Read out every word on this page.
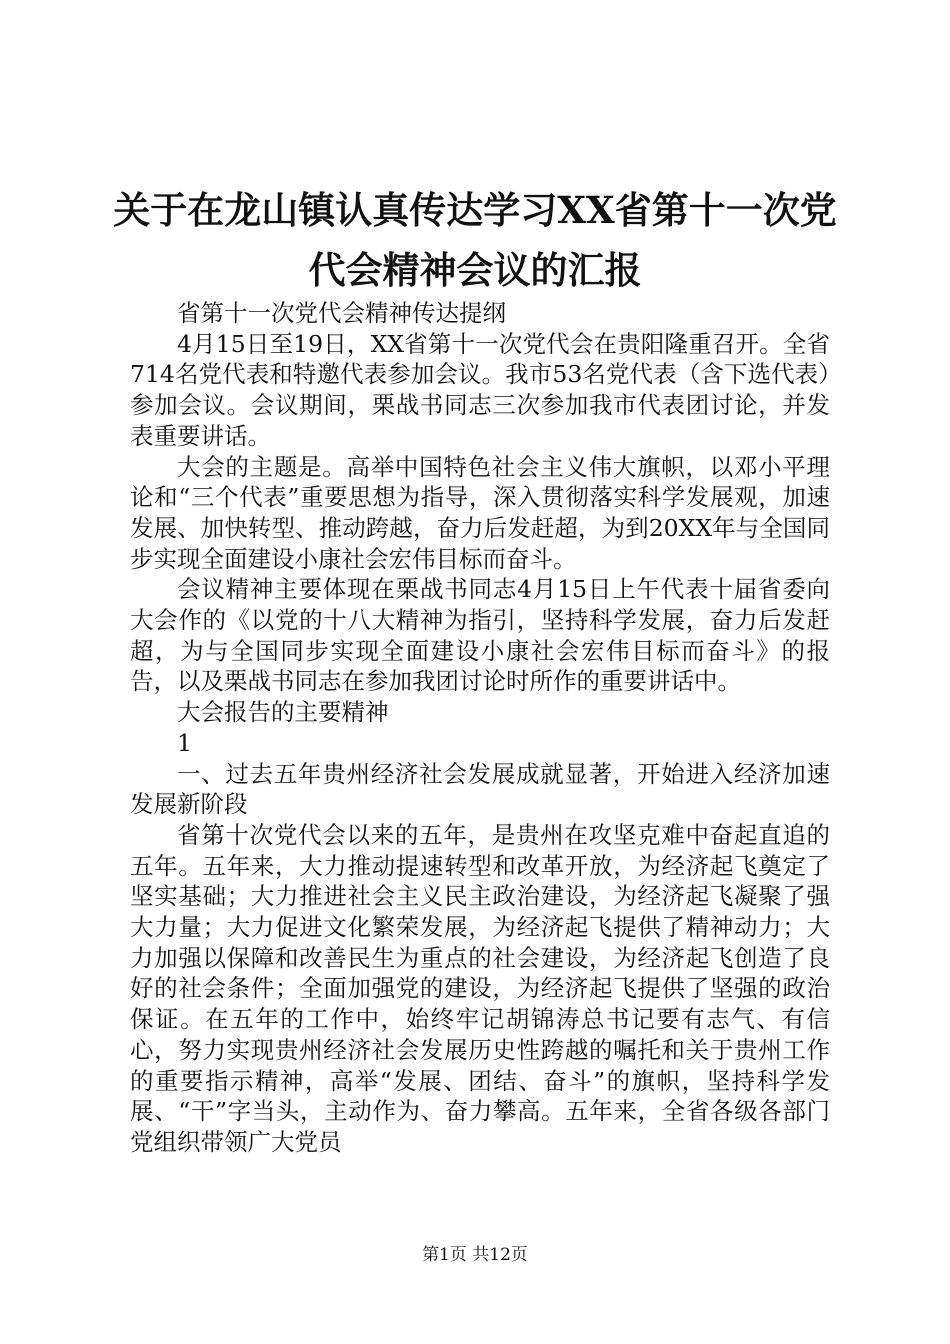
关于在龙山镇认真传达学习XX省第十一次党代会精神会议的汇报

省第十一次党代会精神传达提纲

4月15日至19日，XX省第十一次党代会在贵阳隆重召开。全省714名党代表和特邀代表参加会议。我市53名党代表（含下选代表）参加会议。会议期间，栗战书同志三次参加我市代表团讨论，并发表重要讲话。

大会的主题是。高举中国特色社会主义伟大旗帜，以邓小平理论和“三个代表”重要思想为指导，深入贯彻落实科学发展观，加速发展、加快转型、推动跨越，奋力后发赶超，为到20XX年与全国同步实现全面建设小康社会宏伟目标而奋斗。

会议精神主要体现在栗战书同志4月15日上午代表十届省委向大会作的《以党的十八大精神为指引，坚持科学发展，奋力后发赶超，为与全国同步实现全面建设小康社会宏伟目标而奋斗》的报告，以及栗战书同志在参加我团讨论时所作的重要讲话中。

大会报告的主要精神

1

一、过去五年贵州经济社会发展成就显著，开始进入经济加速发展新阶段

省第十次党代会以来的五年，是贵州在攻坚克难中奋起直追的五年。五年来，大力推动提速转型和改革开放，为经济起飞奠定了坚实基础；大力推进社会主义民主政治建设，为经济起飞凝聚了强大力量；大力促进文化繁荣发展，为经济起飞提供了精神动力；大力加强以保障和改善民生为重点的社会建设，为经济起飞创造了良好的社会条件；全面加强党的建设，为经济起飞提供了坚强的政治保证。在五年的工作中，始终牢记胡锦涛总书记要有志气、有信心，努力实现贵州经济社会发展历史性跨越的嘱托和关于贵州工作的重要指示精神，高举“发展、团结、奋斗”的旗帜，坚持科学发展、“干”字当头，主动作为、奋力攀高。五年来，全省各级各部门党组织带领广大党员

第1页 共12页
